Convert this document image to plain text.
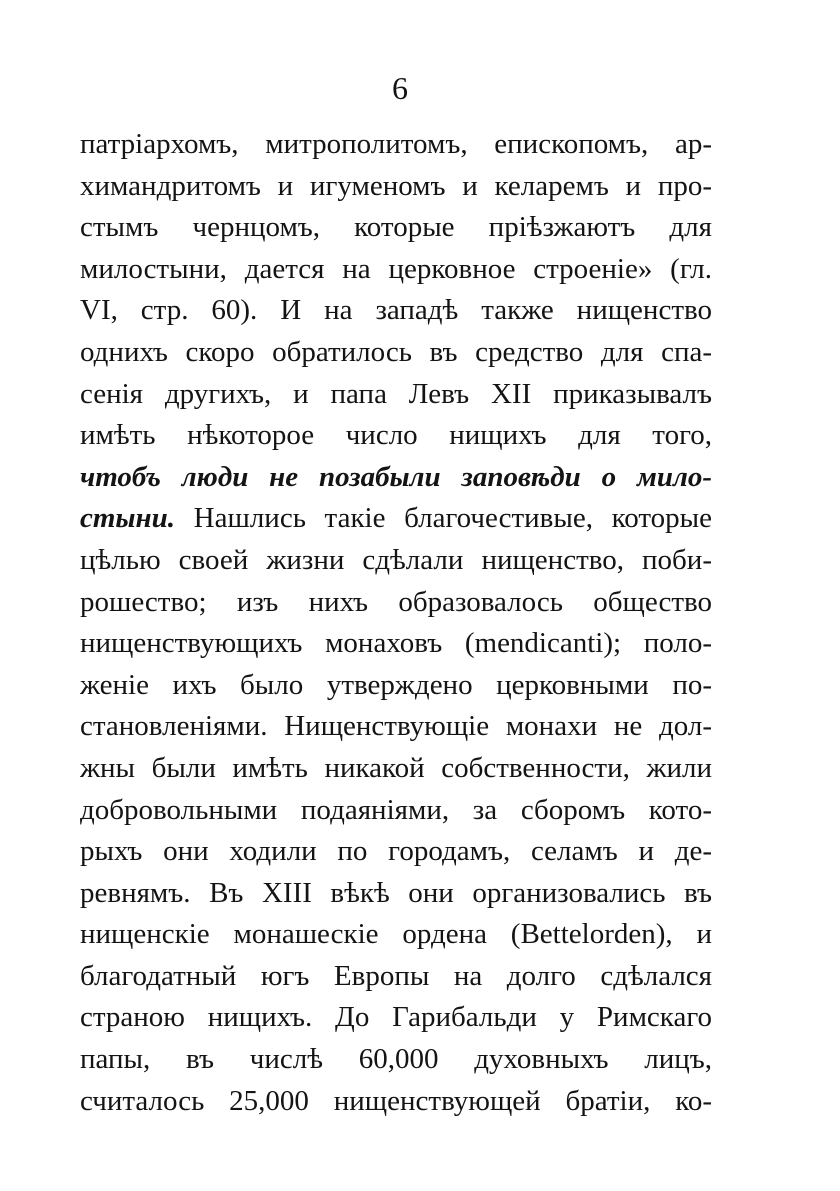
6
патріархомъ, митрополитомъ, епископомъ, ар-
химандритомъ и игуменомъ и келаремъ и про-
стымъ чернцомъ, которые пріѣзжаютъ для
милостыни, дается на церковное строеніе» (гл.
VI, стр. 60). И на западѣ также нищенство
однихъ скоро обратилось въ средство для спа-
сенія другихъ, и папа Левъ XII приказывалъ
имѣть нѣкоторое число нищихъ для того,
чтобъ люди не позабыли заповѣди о мило-
стыни. Нашлись такіе благочестивые, которые
цѣлью своей жизни сдѣлали нищенство, поби-
рошество; изъ нихъ образовалось общество
нищенствующихъ монаховъ (mendicanti); поло-
женіе ихъ было утверждено церковными по-
становленіями. Нищенствующіе монахи не дол-
жны были имѣть никакой собственности, жили
добровольными подаяніями, за сборомъ кото-
рыхъ они ходили по городамъ, селамъ и де-
ревнямъ. Въ XIII вѣкѣ они организовались въ
нищенскіе монашескіе ордена (Bettelorden), и
благодатный югъ Европы на долго сдѣлался
страною нищихъ. До Гарибальди у Римскаго
папы, въ числѣ 60,000 духовныхъ лицъ,
считалось 25,000 нищенствующей братіи, ко-
